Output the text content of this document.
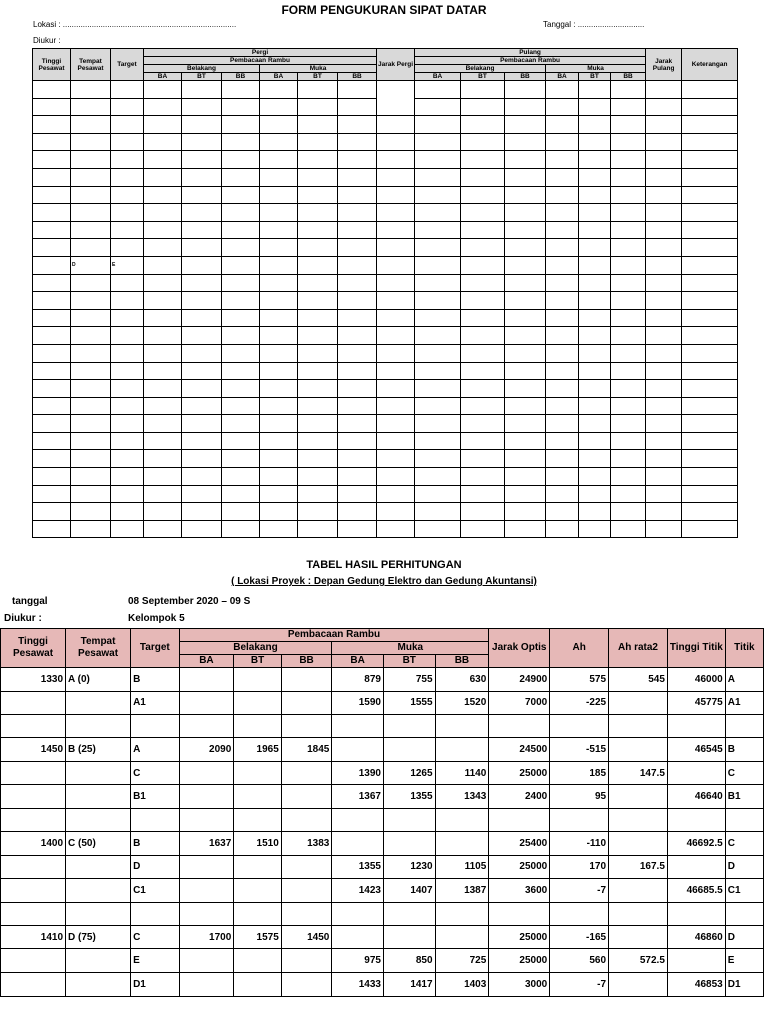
FORM PENGUKURAN SIPAT DATAR
Lokasi : ..............................................................................	Tanggal : ..............................
Diukur :
Tinggi Pesawat	Tempat Pesawat	Target	Pergi						Jarak Pergi	Pulang						Jarak Pulang	Keterangan
			Pembacaan Rambu							Pembacaan Rambu							
			Belakang			Muka				Belakang			Muka				
			BA	BT	BB	BA	BT	BB		BA	BT	BB	BA	BT	BB		

	D	E															

TABEL HASIL PERHITUNGAN
( Lokasi Proyek : Depan Gedung Elektro dan Gedung Akuntansi)
tanggal	08 September 2020 – 09 S
Diukur :	Kelompok 5
Tinggi Pesawat	Tempat Pesawat	Target	Pembacaan Rambu						Jarak Optis	Ah	Ah rata2	Tinggi Titik	Titik
			Belakang			Muka							
			BA	BT	BB	BA	BT	BB					
1330	A (0)	B				879	755	630	24900	575	545	46000	A
		A1				1590	1555	1520	7000	-225		45775	A1

1450	B (25)	A	2090	1965	1845				24500	-515		46545	B
		C				1390	1265	1140	25000	185	147.5		C
		B1				1367	1355	1343	2400	95		46640	B1

1400	C (50)	B	1637	1510	1383				25400	-110		46692.5	C
		D				1355	1230	1105	25000	170	167.5		D
		C1				1423	1407	1387	3600	-7		46685.5	C1

1410	D (75)	C	1700	1575	1450				25000	-165		46860	D
		E				975	850	725	25000	560	572.5		E
		D1				1433	1417	1403	3000	-7		46853	D1
